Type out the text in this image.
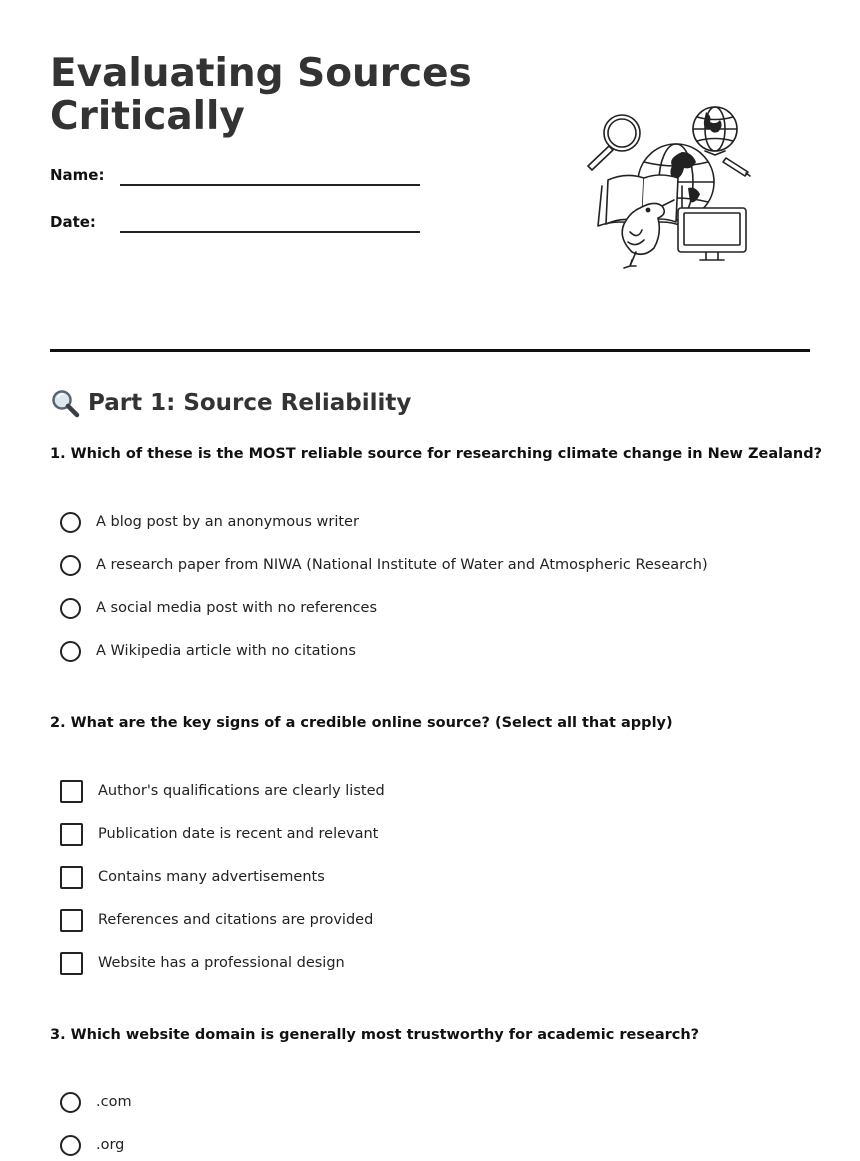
Evaluating Sources Critically
Name:
Date:
Part 1: Source Reliability

1. Which of these is the MOST reliable source for researching climate change in New Zealand?

A blog post by an anonymous writer
A research paper from NIWA (National Institute of Water and Atmospheric Research)
A social media post with no references
A Wikipedia article with no citations

2. What are the key signs of a credible online source? (Select all that apply)

Author's qualifications are clearly listed
Publication date is recent and relevant
Contains many advertisements
References and citations are provided
Website has a professional design

3. Which website domain is generally most trustworthy for academic research?

.com
.org
